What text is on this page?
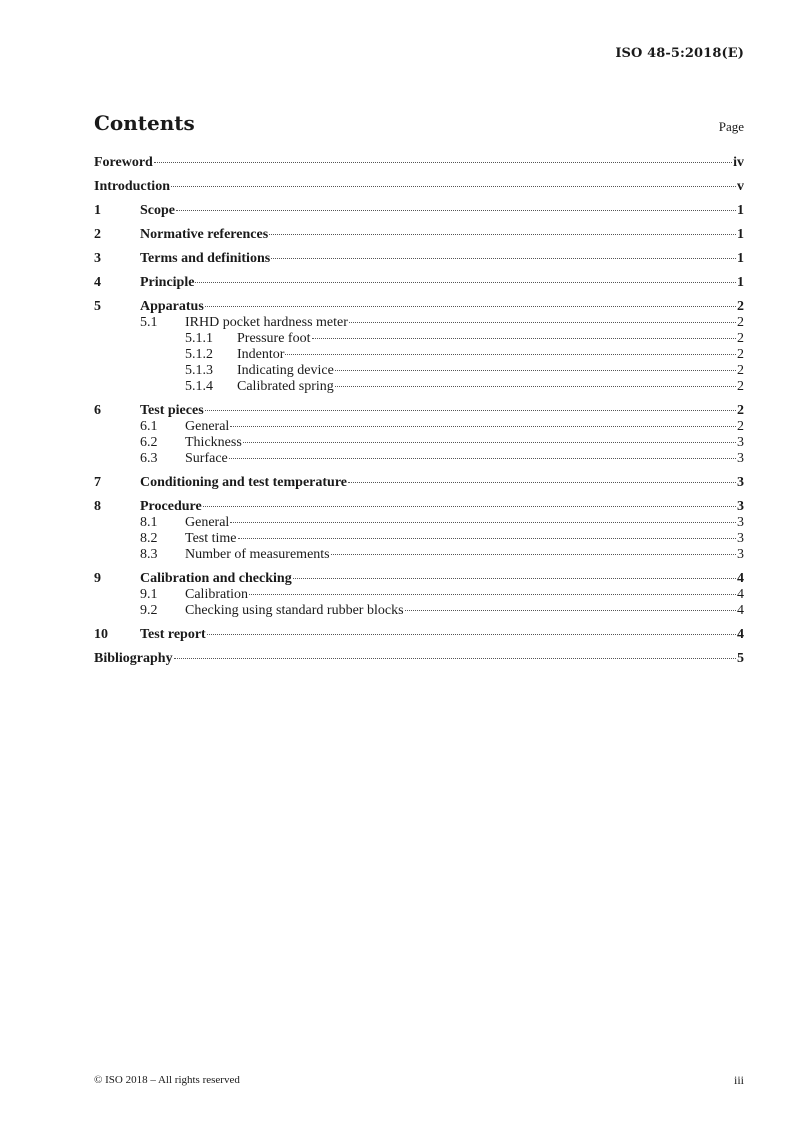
ISO 48-5:2018(E)
Contents	Page
Foreword	iv
Introduction	v
1	Scope	1
2	Normative references	1
3	Terms and definitions	1
4	Principle	1
5	Apparatus	2
5.1	IRHD pocket hardness meter	2
5.1.1	Pressure foot	2
5.1.2	Indentor	2
5.1.3	Indicating device	2
5.1.4	Calibrated spring	2
6	Test pieces	2
6.1	General	2
6.2	Thickness	3
6.3	Surface	3
7	Conditioning and test temperature	3
8	Procedure	3
8.1	General	3
8.2	Test time	3
8.3	Number of measurements	3
9	Calibration and checking	4
9.1	Calibration	4
9.2	Checking using standard rubber blocks	4
10	Test report	4
Bibliography	5
© ISO 2018 – All rights reserved	iii
